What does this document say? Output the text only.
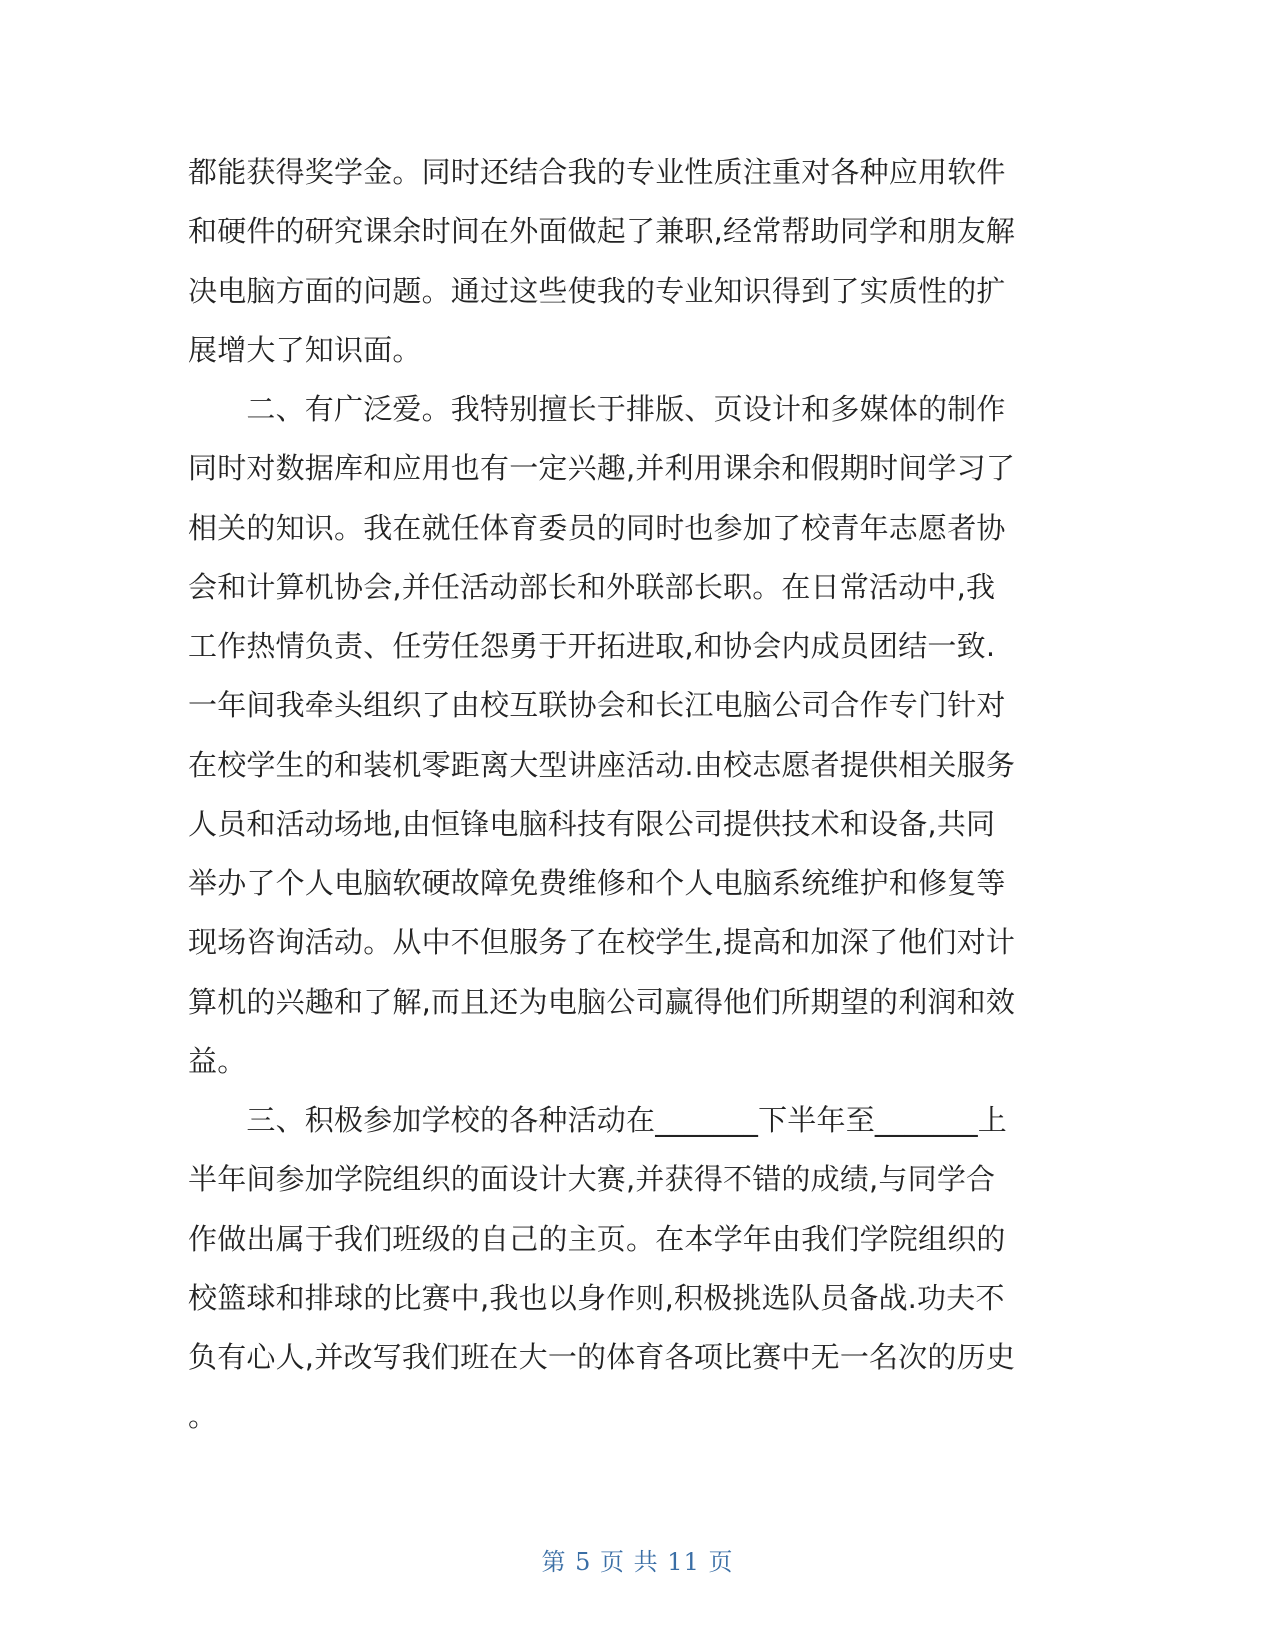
都能获得奖学金。同时还结合我的专业性质注重对各种应用软件
和硬件的研究课余时间在外面做起了兼职,经常帮助同学和朋友解
决电脑方面的问题。通过这些使我的专业知识得到了实质性的扩
展增大了知识面。
　　二、有广泛爱。我特别擅长于排版、页设计和多媒体的制作
同时对数据库和应用也有一定兴趣,并利用课余和假期时间学习了
相关的知识。我在就任体育委员的同时也参加了校青年志愿者协
会和计算机协会,并任活动部长和外联部长职。在日常活动中,我
工作热情负责、任劳任怨勇于开拓进取,和协会内成员团结一致.
一年间我牵头组织了由校互联协会和长江电脑公司合作专门针对
在校学生的和装机零距离大型讲座活动.由校志愿者提供相关服务
人员和活动场地,由恒锋电脑科技有限公司提供技术和设备,共同
举办了个人电脑软硬故障免费维修和个人电脑系统维护和修复等
现场咨询活动。从中不但服务了在校学生,提高和加深了他们对计
算机的兴趣和了解,而且还为电脑公司赢得他们所期望的利润和效
益。
　　三、积极参加学校的各种活动在_______下半年至_______上
半年间参加学院组织的面设计大赛,并获得不错的成绩,与同学合
作做出属于我们班级的自己的主页。在本学年由我们学院组织的
校篮球和排球的比赛中,我也以身作则,积极挑选队员备战.功夫不
负有心人,并改写我们班在大一的体育各项比赛中无一名次的历史
。
第 5 页 共 11 页
